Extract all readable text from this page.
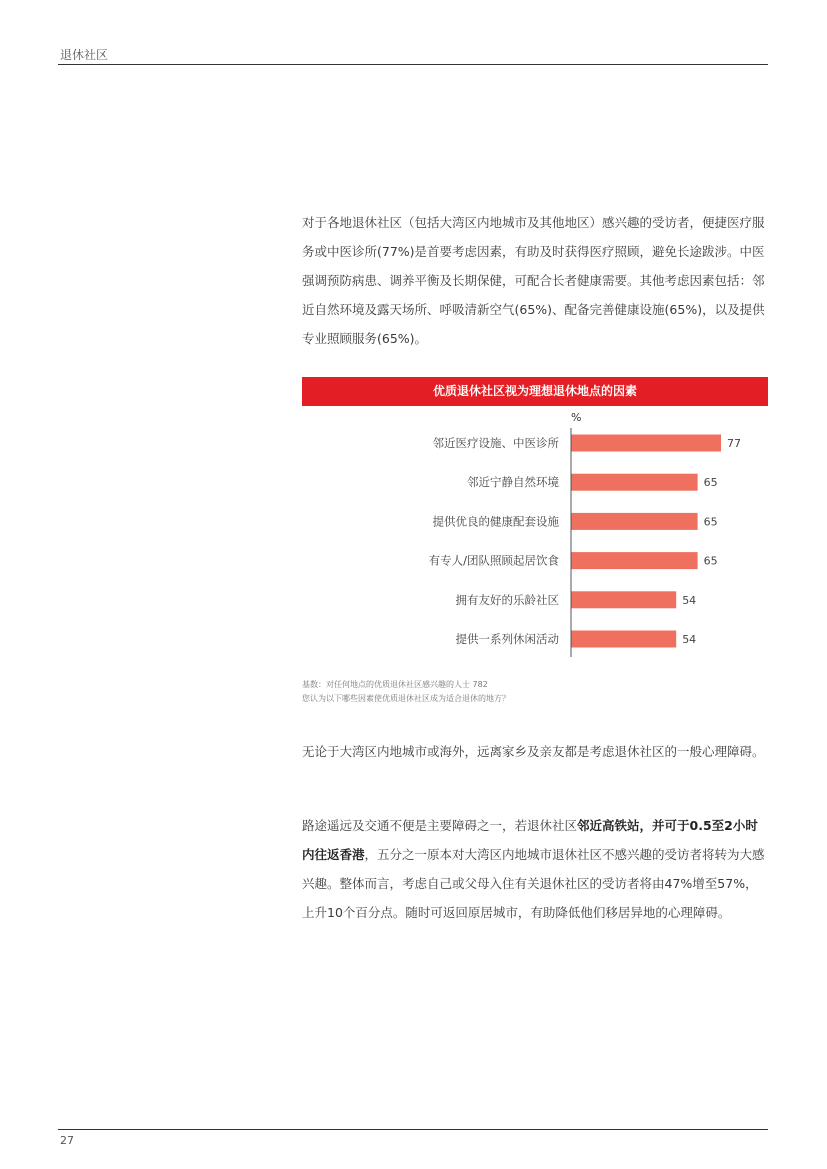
退休社区

对于各地退休社区（包括大湾区内地城市及其他地区）感兴趣的受访者，便捷医疗服务或中医诊所(77%)是首要考虑因素，有助及时获得医疗照顾，避免长途跋涉。中医强调预防病患、调养平衡及长期保健，可配合长者健康需要。其他考虑因素包括：邻近自然环境及露天场所、呼吸清新空气(65%)、配备完善健康设施(65%)，以及提供专业照顾服务(65%)。

优质退休社区视为理想退休地点的因素
%
邻近医疗设施、中医诊所	77
邻近宁静自然环境	65
提供优良的健康配套设施	65
有专人/团队照顾起居饮食	65
拥有友好的乐龄社区	54
提供一系列休闲活动	54

基数：对任何地点的优质退休社区感兴趣的人士 782

您认为以下哪些因素使优质退休社区成为适合退休的地方？

无论于大湾区内地城市或海外，远离家乡及亲友都是考虑退休社区的一般心理障碍。

路途遥远及交通不便是主要障碍之一，若退休社区邻近高铁站，并可于0.5至2小时内往返香港，五分之一原本对大湾区内地城市退休社区不感兴趣的受访者将转为大感兴趣。整体而言，考虑自己或父母入住有关退休社区的受访者将由47%增至57%，上升10个百分点。随时可返回原居城市，有助降低他们移居异地的心理障碍。

27
